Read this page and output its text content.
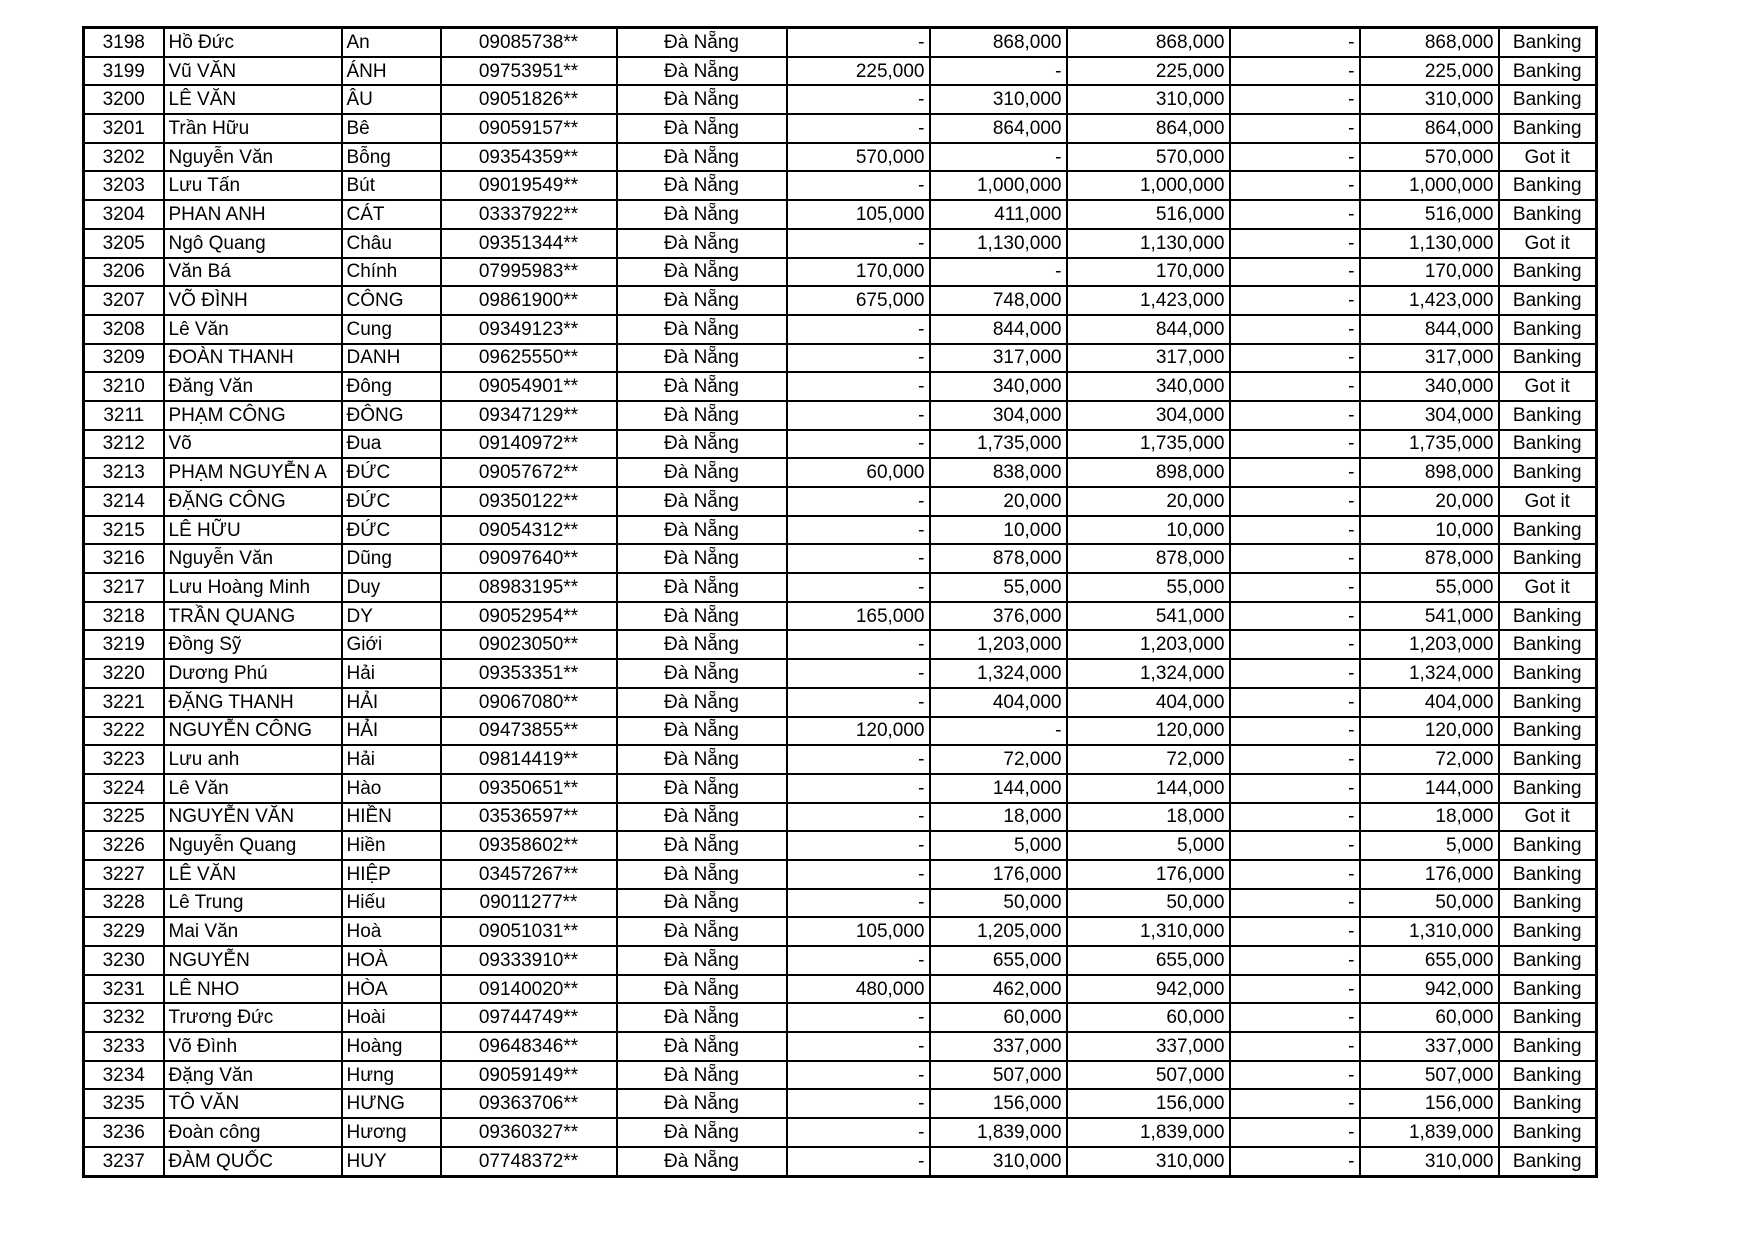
3198	Hồ Đức	An	09085738**	Đà Nẵng	-	868,000	868,000	-	868,000	Banking
3199	Vũ VĂN	ÁNH	09753951**	Đà Nẵng	225,000	-	225,000	-	225,000	Banking
3200	LÊ VĂN	ÂU	09051826**	Đà Nẵng	-	310,000	310,000	-	310,000	Banking
3201	Trần Hữu	Bê	09059157**	Đà Nẵng	-	864,000	864,000	-	864,000	Banking
3202	Nguyễn Văn	Bỗng	09354359**	Đà Nẵng	570,000	-	570,000	-	570,000	Got it
3203	Lưu Tấn	Bút	09019549**	Đà Nẵng	-	1,000,000	1,000,000	-	1,000,000	Banking
3204	PHAN ANH	CÁT	03337922**	Đà Nẵng	105,000	411,000	516,000	-	516,000	Banking
3205	Ngô Quang	Châu	09351344**	Đà Nẵng	-	1,130,000	1,130,000	-	1,130,000	Got it
3206	Văn Bá	Chính	07995983**	Đà Nẵng	170,000	-	170,000	-	170,000	Banking
3207	VÕ ĐÌNH	CÔNG	09861900**	Đà Nẵng	675,000	748,000	1,423,000	-	1,423,000	Banking
3208	Lê Văn	Cung	09349123**	Đà Nẵng	-	844,000	844,000	-	844,000	Banking
3209	ĐOÀN THANH	DANH	09625550**	Đà Nẵng	-	317,000	317,000	-	317,000	Banking
3210	Đăng Văn	Đông	09054901**	Đà Nẵng	-	340,000	340,000	-	340,000	Got it
3211	PHẠM CÔNG	ĐÔNG	09347129**	Đà Nẵng	-	304,000	304,000	-	304,000	Banking
3212	Võ	Đua	09140972**	Đà Nẵng	-	1,735,000	1,735,000	-	1,735,000	Banking
3213	PHẠM NGUYỄN A	ĐỨC	09057672**	Đà Nẵng	60,000	838,000	898,000	-	898,000	Banking
3214	ĐẶNG CÔNG	ĐỨC	09350122**	Đà Nẵng	-	20,000	20,000	-	20,000	Got it
3215	LÊ HỮU	ĐỨC	09054312**	Đà Nẵng	-	10,000	10,000	-	10,000	Banking
3216	Nguyễn Văn	Dũng	09097640**	Đà Nẵng	-	878,000	878,000	-	878,000	Banking
3217	Lưu Hoàng Minh	Duy	08983195**	Đà Nẵng	-	55,000	55,000	-	55,000	Got it
3218	TRẦN QUANG	DY	09052954**	Đà Nẵng	165,000	376,000	541,000	-	541,000	Banking
3219	Đồng Sỹ	Giới	09023050**	Đà Nẵng	-	1,203,000	1,203,000	-	1,203,000	Banking
3220	Dương Phú	Hải	09353351**	Đà Nẵng	-	1,324,000	1,324,000	-	1,324,000	Banking
3221	ĐẶNG THANH	HẢI	09067080**	Đà Nẵng	-	404,000	404,000	-	404,000	Banking
3222	NGUYỄN CÔNG	HẢI	09473855**	Đà Nẵng	120,000	-	120,000	-	120,000	Banking
3223	Lưu anh	Hải	09814419**	Đà Nẵng	-	72,000	72,000	-	72,000	Banking
3224	Lê Văn	Hào	09350651**	Đà Nẵng	-	144,000	144,000	-	144,000	Banking
3225	NGUYỄN VĂN	HIỀN	03536597**	Đà Nẵng	-	18,000	18,000	-	18,000	Got it
3226	Nguyễn Quang	Hiền	09358602**	Đà Nẵng	-	5,000	5,000	-	5,000	Banking
3227	LÊ VĂN	HIỆP	03457267**	Đà Nẵng	-	176,000	176,000	-	176,000	Banking
3228	Lê Trung	Hiếu	09011277**	Đà Nẵng	-	50,000	50,000	-	50,000	Banking
3229	Mai Văn	Hoà	09051031**	Đà Nẵng	105,000	1,205,000	1,310,000	-	1,310,000	Banking
3230	NGUYỄN	HOÀ	09333910**	Đà Nẵng	-	655,000	655,000	-	655,000	Banking
3231	LÊ NHO	HÒA	09140020**	Đà Nẵng	480,000	462,000	942,000	-	942,000	Banking
3232	Trương Đức	Hoài	09744749**	Đà Nẵng	-	60,000	60,000	-	60,000	Banking
3233	Võ Đình	Hoàng	09648346**	Đà Nẵng	-	337,000	337,000	-	337,000	Banking
3234	Đặng Văn	Hưng	09059149**	Đà Nẵng	-	507,000	507,000	-	507,000	Banking
3235	TÔ VĂN	HƯNG	09363706**	Đà Nẵng	-	156,000	156,000	-	156,000	Banking
3236	Đoàn công	Hương	09360327**	Đà Nẵng	-	1,839,000	1,839,000	-	1,839,000	Banking
3237	ĐÀM QUỐC	HUY	07748372**	Đà Nẵng	-	310,000	310,000	-	310,000	Banking
